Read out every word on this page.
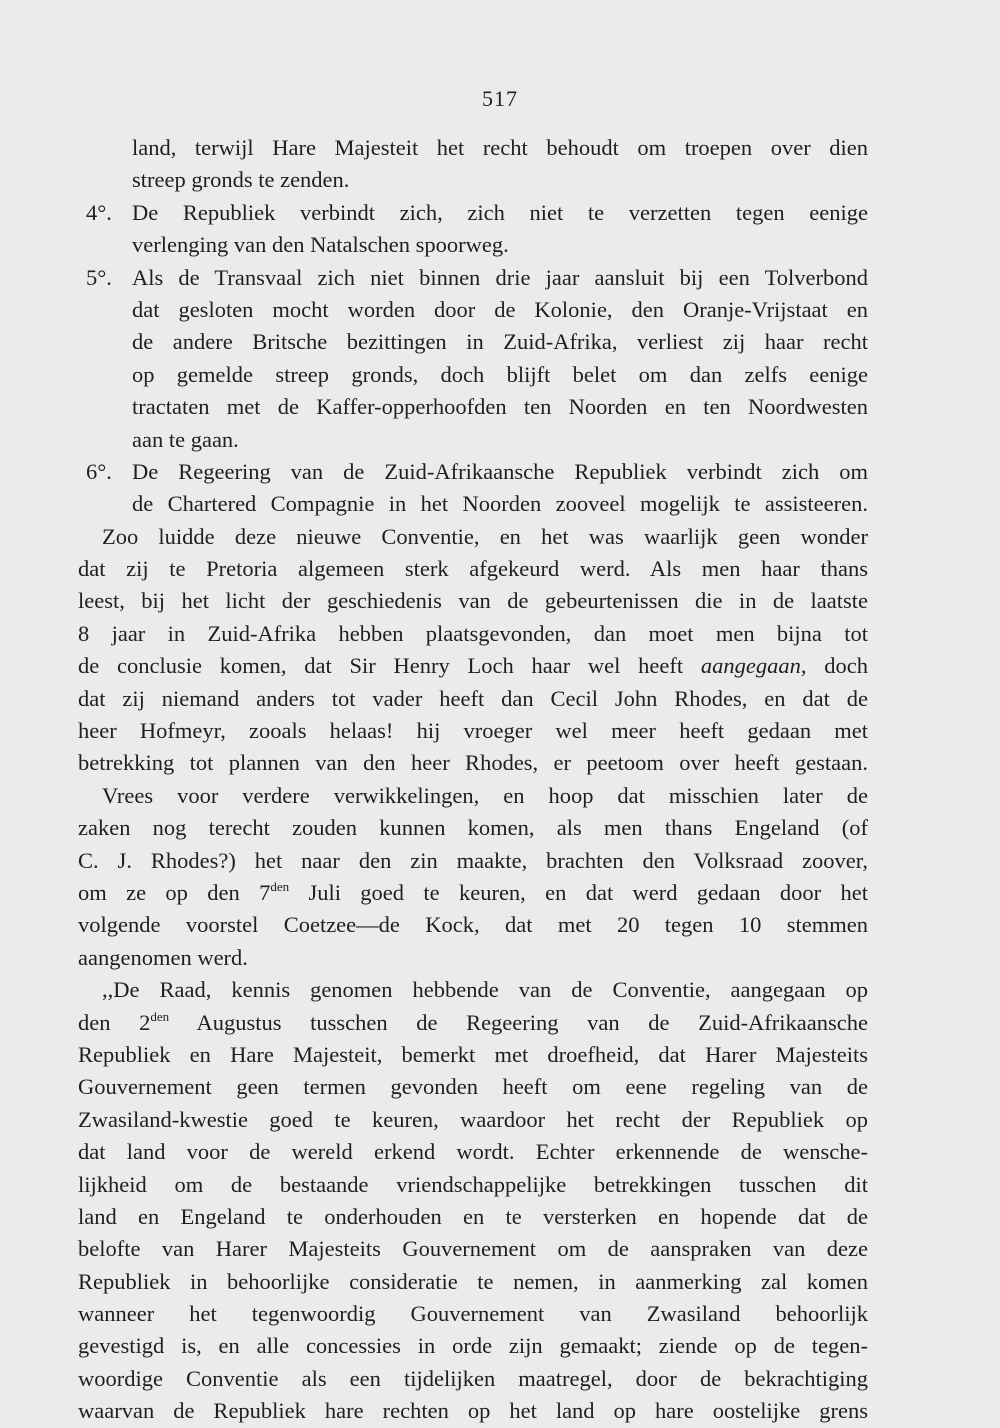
517
land, terwijl Hare Majesteit het recht behoudt om troepen over dien
streep gronds te zenden.
4°. De Republiek verbindt zich, zich niet te verzetten tegen eenige
verlenging van den Natalschen spoorweg.
5°. Als de Transvaal zich niet binnen drie jaar aansluit bij een Tolverbond
dat gesloten mocht worden door de Kolonie, den Oranje-Vrijstaat en
de andere Britsche bezittingen in Zuid-Afrika, verliest zij haar recht
op gemelde streep gronds, doch blijft belet om dan zelfs eenige
tractaten met de Kaffer-opperhoofden ten Noorden en ten Noordwesten
aan te gaan.
6°. De Regeering van de Zuid-Afrikaansche Republiek verbindt zich om
de Chartered Compagnie in het Noorden zooveel mogelijk te assisteeren.
Zoo luidde deze nieuwe Conventie, en het was waarlijk geen wonder
dat zij te Pretoria algemeen sterk afgekeurd werd. Als men haar thans
leest, bij het licht der geschiedenis van de gebeurtenissen die in de laatste
8 jaar in Zuid-Afrika hebben plaatsgevonden, dan moet men bijna tot
de conclusie komen, dat Sir Henry Loch haar wel heeft aangegaan, doch
dat zij niemand anders tot vader heeft dan Cecil John Rhodes, en dat de
heer Hofmeyr, zooals helaas! hij vroeger wel meer heeft gedaan met
betrekking tot plannen van den heer Rhodes, er peetoom over heeft gestaan.
Vrees voor verdere verwikkelingen, en hoop dat misschien later de
zaken nog terecht zouden kunnen komen, als men thans Engeland (of
C. J. Rhodes?) het naar den zin maakte, brachten den Volksraad zoover,
om ze op den $7^{den}$ Juli goed te keuren, en dat werd gedaan door het
volgende voorstel Coetzee—de Kock, dat met 20 tegen 10 stemmen
aangenomen werd.
,,De Raad, kennis genomen hebbende van de Conventie, aangegaan op
den $2^{den}$ Augustus tusschen de Regeering van de Zuid-Afrikaansche
Republiek en Hare Majesteit, bemerkt met droefheid, dat Harer Majesteits
Gouvernement geen termen gevonden heeft om eene regeling van de
Zwasiland-kwestie goed te keuren, waardoor het recht der Republiek op
dat land voor de wereld erkend wordt. Echter erkennende de wensche-
lijkheid om de bestaande vriendschappelijke betrekkingen tusschen dit
land en Engeland te onderhouden en te versterken en hopende dat de
belofte van Harer Majesteits Gouvernement om de aanspraken van deze
Republiek in behoorlijke consideratie te nemen, in aanmerking zal komen
wanneer het tegenwoordig Gouvernement van Zwasiland behoorlijk
gevestigd is, en alle concessies in orde zijn gemaakt; ziende op de tegen-
woordige Conventie als een tijdelijken maatregel, door de bekrachtiging
waarvan de Republiek hare rechten op het land op hare oostelijke grens
